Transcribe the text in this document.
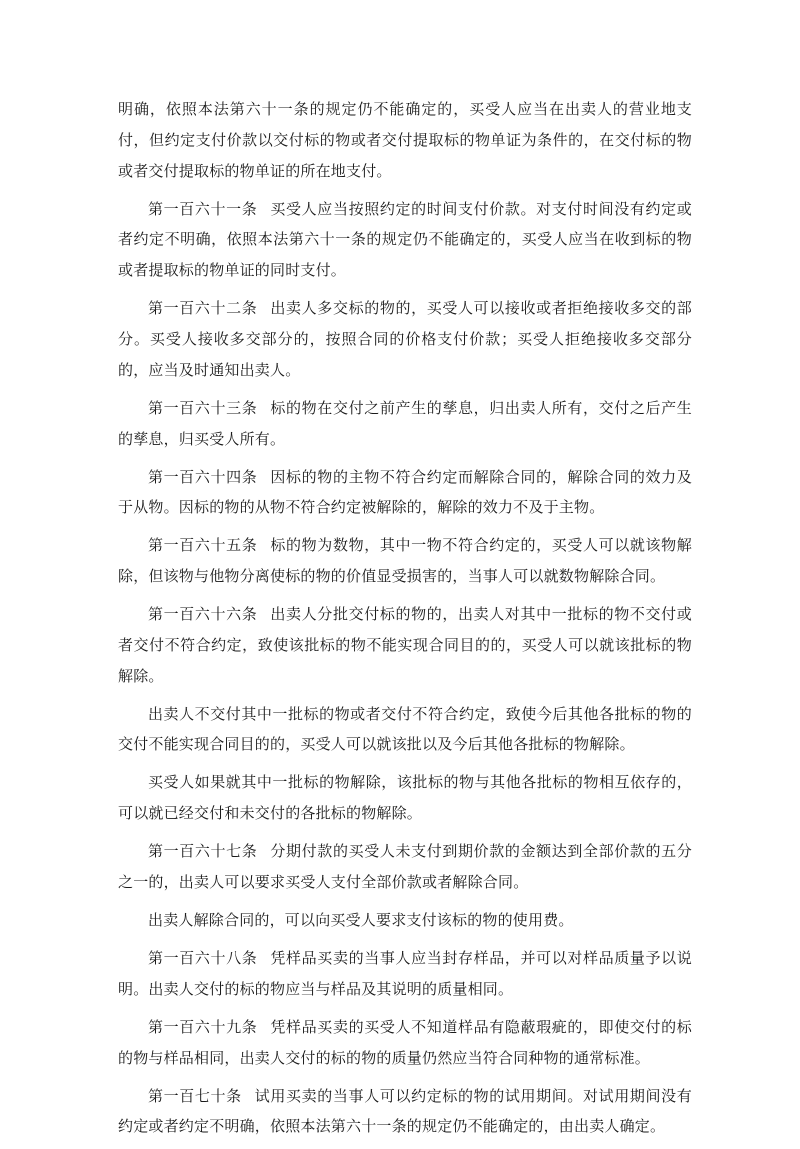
明确，依照本法第六十一条的规定仍不能确定的，买受人应当在出卖人的营业地支付，但约定支付价款以交付标的物或者交付提取标的物单证为条件的，在交付标的物或者交付提取标的物单证的所在地支付。

第一百六十一条 买受人应当按照约定的时间支付价款。对支付时间没有约定或者约定不明确，依照本法第六十一条的规定仍不能确定的，买受人应当在收到标的物或者提取标的物单证的同时支付。

第一百六十二条 出卖人多交标的物的，买受人可以接收或者拒绝接收多交的部分。买受人接收多交部分的，按照合同的价格支付价款；买受人拒绝接收多交部分的，应当及时通知出卖人。

第一百六十三条 标的物在交付之前产生的孳息，归出卖人所有，交付之后产生的孳息，归买受人所有。

第一百六十四条 因标的物的主物不符合约定而解除合同的，解除合同的效力及于从物。因标的物的从物不符合约定被解除的，解除的效力不及于主物。

第一百六十五条 标的物为数物，其中一物不符合约定的，买受人可以就该物解除，但该物与他物分离使标的物的价值显受损害的，当事人可以就数物解除合同。

第一百六十六条 出卖人分批交付标的物的，出卖人对其中一批标的物不交付或者交付不符合约定，致使该批标的物不能实现合同目的的，买受人可以就该批标的物解除。

出卖人不交付其中一批标的物或者交付不符合约定，致使今后其他各批标的物的交付不能实现合同目的的，买受人可以就该批以及今后其他各批标的物解除。

买受人如果就其中一批标的物解除，该批标的物与其他各批标的物相互依存的，可以就已经交付和未交付的各批标的物解除。

第一百六十七条 分期付款的买受人未支付到期价款的金额达到全部价款的五分之一的，出卖人可以要求买受人支付全部价款或者解除合同。

出卖人解除合同的，可以向买受人要求支付该标的物的使用费。

第一百六十八条 凭样品买卖的当事人应当封存样品，并可以对样品质量予以说明。出卖人交付的标的物应当与样品及其说明的质量相同。

第一百六十九条 凭样品买卖的买受人不知道样品有隐蔽瑕疵的，即使交付的标的物与样品相同，出卖人交付的标的物的质量仍然应当符合同种物的通常标准。

第一百七十条 试用买卖的当事人可以约定标的物的试用期间。对试用期间没有约定或者约定不明确，依照本法第六十一条的规定仍不能确定的，由出卖人确定。
